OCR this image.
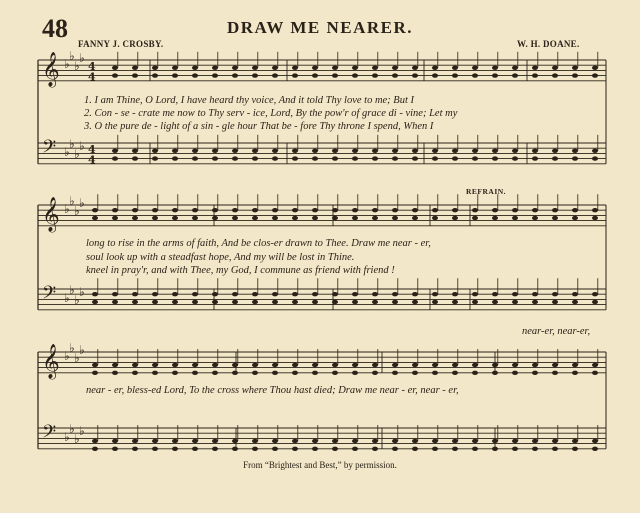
48	DRAW ME NEARER.
FANNY J. CROSBY.	W. H. DOANE.
𝄞 ♭
♭
♭
♭
4
4
𝄢 ♭
♭
♭
♭ 4
4
𝄞 ♭
♭
♭
♭
𝄢 ♭
♭
♭
♭
𝄞 ♭
♭
♭
♭
𝄢 ♭
♭
♭
♭
1. I am Thine, O Lord, I have heard thy voice, And it told Thy love to me; But I
2. Con - se - crate me now to Thy serv - ice, Lord, By the pow'r of grace di - vine; Let my
3. O the pure de - light of a sin - gle hour That be - fore Thy throne I spend, When I
REFRAIN.
long to rise in the arms of faith, And be clos-er drawn to Thee. Draw me near - er,
soul look up with a steadfast hope, And my will be lost in Thine.
kneel in pray'r, and with Thee, my God, I commune as friend with friend !
near-er, near-er,
near - er, bless-ed Lord, To the cross where Thou hast died; Draw me near - er, near - er,
From “Brightest and Best,” by permission.
